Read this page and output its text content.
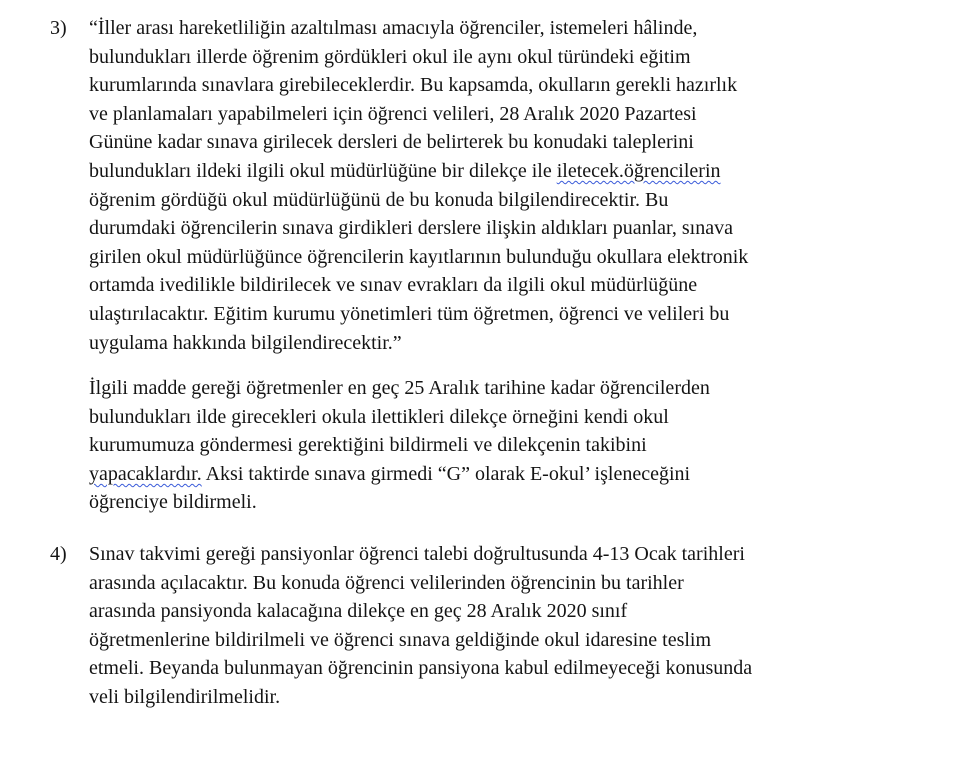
3) “İller arası hareketliliğin azaltılması amacıyla öğrenciler, istemeleri hâlinde,
bulundukları illerde öğrenim gördükleri okul ile aynı okul türündeki eğitim
kurumlarında sınavlara girebileceklerdir. Bu kapsamda, okulların gerekli hazırlık
ve planlamaları yapabilmeleri için öğrenci velileri, 28 Aralık 2020 Pazartesi
Gününe kadar sınava girilecek dersleri de belirterek bu konudaki taleplerini
bulundukları ildeki ilgili okul müdürlüğüne bir dilekçe ile iletecek.öğrencilerin
öğrenim gördüğü okul müdürlüğünü de bu konuda bilgilendirecektir. Bu
durumdaki öğrencilerin sınava girdikleri derslere ilişkin aldıkları puanlar, sınava
girilen okul müdürlüğünce öğrencilerin kayıtlarının bulunduğu okullara elektronik
ortamda ivedilikle bildirilecek ve sınav evrakları da ilgili okul müdürlüğüne
ulaştırılacaktır. Eğitim kurumu yönetimleri tüm öğretmen, öğrenci ve velileri bu
uygulama hakkında bilgilendirecektir.”
İlgili madde gereği öğretmenler en geç 25 Aralık tarihine kadar öğrencilerden
bulundukları ilde girecekleri okula ilettikleri dilekçe örneğini kendi okul
kurumumuza göndermesi gerektiğini bildirmeli ve dilekçenin takibini
yapacaklardır. Aksi taktirde sınava girmedi “G” olarak E-okul’ işleneceğini
öğrenciye bildirmeli.
4) Sınav takvimi gereği pansiyonlar öğrenci talebi doğrultusunda 4-13 Ocak tarihleri
arasında açılacaktır. Bu konuda öğrenci velilerinden öğrencinin bu tarihler
arasında pansiyonda kalacağına dilekçe en geç 28 Aralık 2020 sınıf
öğretmenlerine bildirilmeli ve öğrenci sınava geldiğinde okul idaresine teslim
etmeli. Beyanda bulunmayan öğrencinin pansiyona kabul edilmeyeceği konusunda
veli bilgilendirilmelidir.
